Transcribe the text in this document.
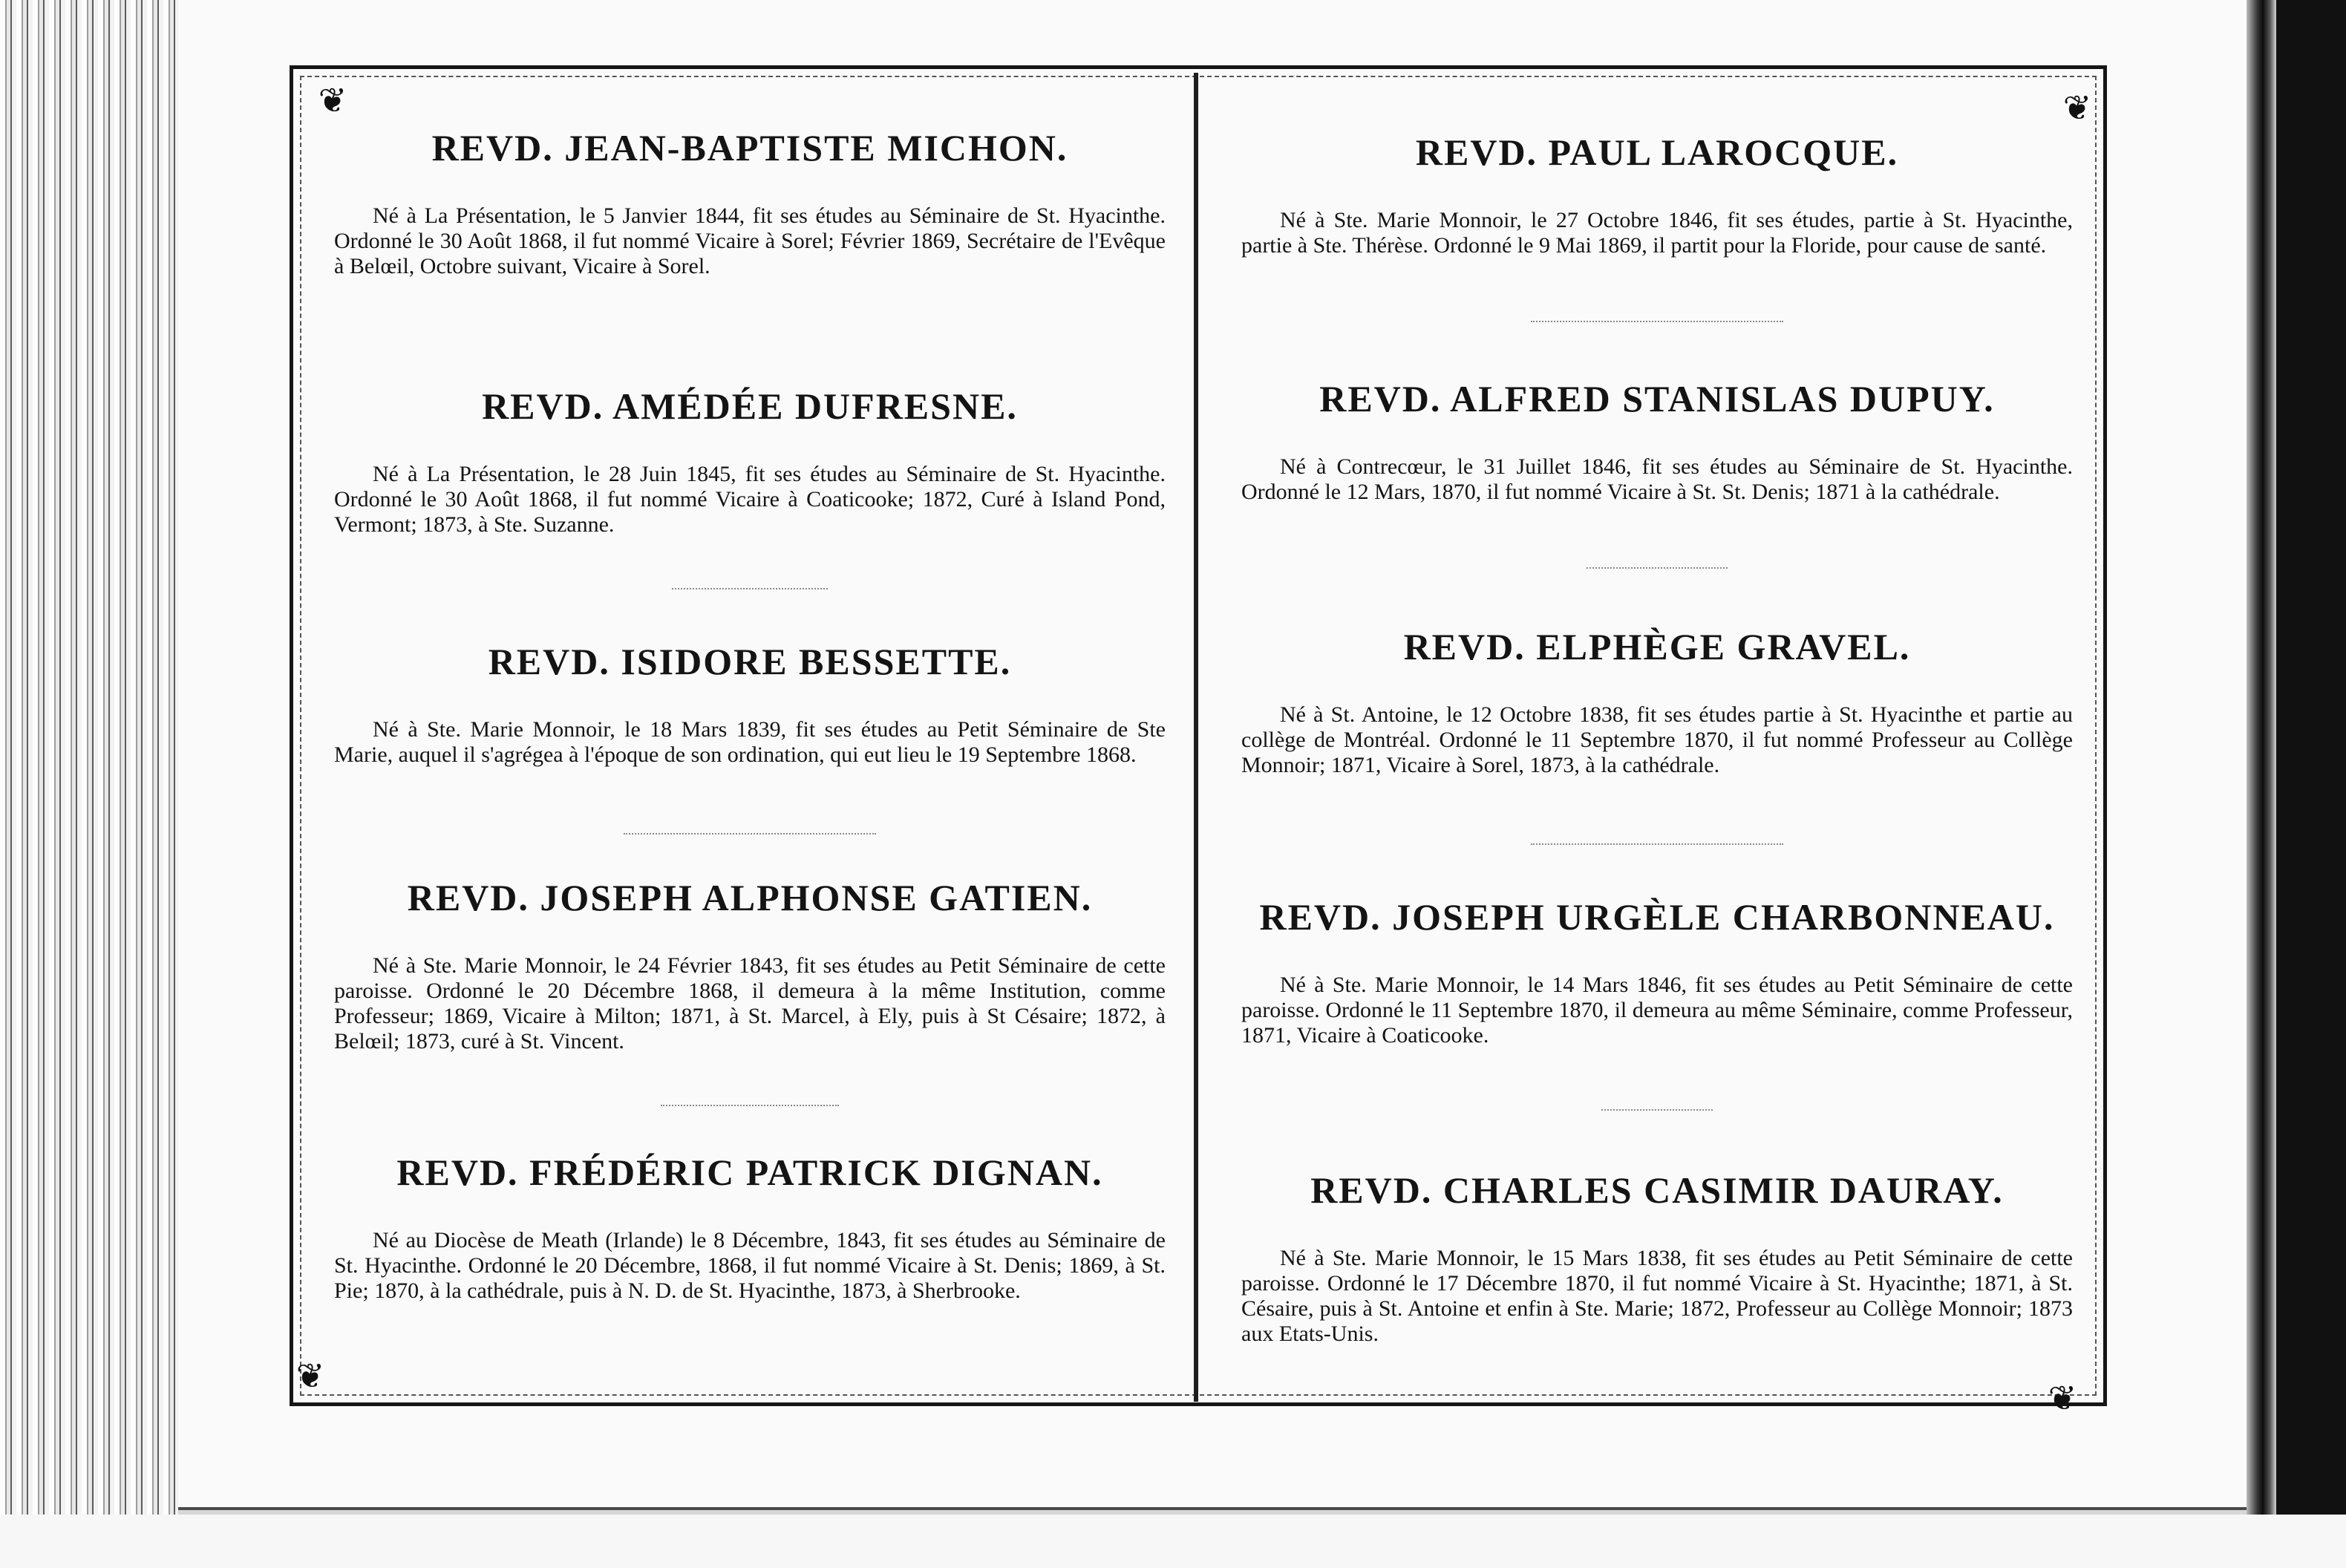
❦	❦
❦
❦
REVD. JEAN-BAPTISTE MICHON.

Né à La Présentation, le 5 Janvier 1844, fit ses études au Séminaire de St. Hyacinthe. Ordonné le 30 Août 1868, il fut nommé Vicaire à Sorel; Février 1869, Secrétaire de l'Evêque à Belœil, Octobre suivant, Vicaire à Sorel.

REVD. AMÉDÉE DUFRESNE.

Né à La Présentation, le 28 Juin 1845, fit ses études au Séminaire de St. Hyacinthe. Ordonné le 30 Août 1868, il fut nommé Vicaire à Coaticooke; 1872, Curé à Island Pond, Vermont; 1873, à Ste. Suzanne.

REVD. ISIDORE BESSETTE.

Né à Ste. Marie Monnoir, le 18 Mars 1839, fit ses études au Petit Séminaire de Ste Marie, auquel il s'agrégea à l'époque de son ordination, qui eut lieu le 19 Septembre 1868.

REVD. JOSEPH ALPHONSE GATIEN.

Né à Ste. Marie Monnoir, le 24 Février 1843, fit ses études au Petit Séminaire de cette paroisse. Ordonné le 20 Décembre 1868, il demeura à la même Institution, comme Professeur; 1869, Vicaire à Milton; 1871, à St. Marcel, à Ely, puis à St Césaire; 1872, à Belœil; 1873, curé à St. Vincent.

REVD. FRÉDÉRIC PATRICK DIGNAN.

Né au Diocèse de Meath (Irlande) le 8 Décembre, 1843, fit ses études au Séminaire de St. Hyacinthe. Ordonné le 20 Décembre, 1868, il fut nommé Vicaire à St. Denis; 1869, à St. Pie; 1870, à la cathédrale, puis à N. D. de St. Hyacinthe, 1873, à Sherbrooke.

REVD. PAUL LAROCQUE.

Né à Ste. Marie Monnoir, le 27 Octobre 1846, fit ses études, partie à St. Hyacinthe, partie à Ste. Thérèse. Ordonné le 9 Mai 1869, il partit pour la Floride, pour cause de santé.

REVD. ALFRED STANISLAS DUPUY.

Né à Contrecœur, le 31 Juillet 1846, fit ses études au Séminaire de St. Hyacinthe. Ordonné le 12 Mars, 1870, il fut nommé Vicaire à St. St. Denis; 1871 à la cathédrale.

REVD. ELPHÈGE GRAVEL.

Né à St. Antoine, le 12 Octobre 1838, fit ses études partie à St. Hyacinthe et partie au collège de Montréal. Ordonné le 11 Septembre 1870, il fut nommé Professeur au Collège Monnoir; 1871, Vicaire à Sorel, 1873, à la cathédrale.

REVD. JOSEPH URGÈLE CHARBONNEAU.

Né à Ste. Marie Monnoir, le 14 Mars 1846, fit ses études au Petit Séminaire de cette paroisse. Ordonné le 11 Septembre 1870, il demeura au même Séminaire, comme Professeur, 1871, Vicaire à Coaticooke.

REVD. CHARLES CASIMIR DAURAY.

Né à Ste. Marie Monnoir, le 15 Mars 1838, fit ses études au Petit Séminaire de cette paroisse. Ordonné le 17 Décembre 1870, il fut nommé Vicaire à St. Hyacinthe; 1871, à St. Césaire, puis à St. Antoine et enfin à Ste. Marie; 1872, Professeur au Collège Monnoir; 1873 aux Etats-Unis.
